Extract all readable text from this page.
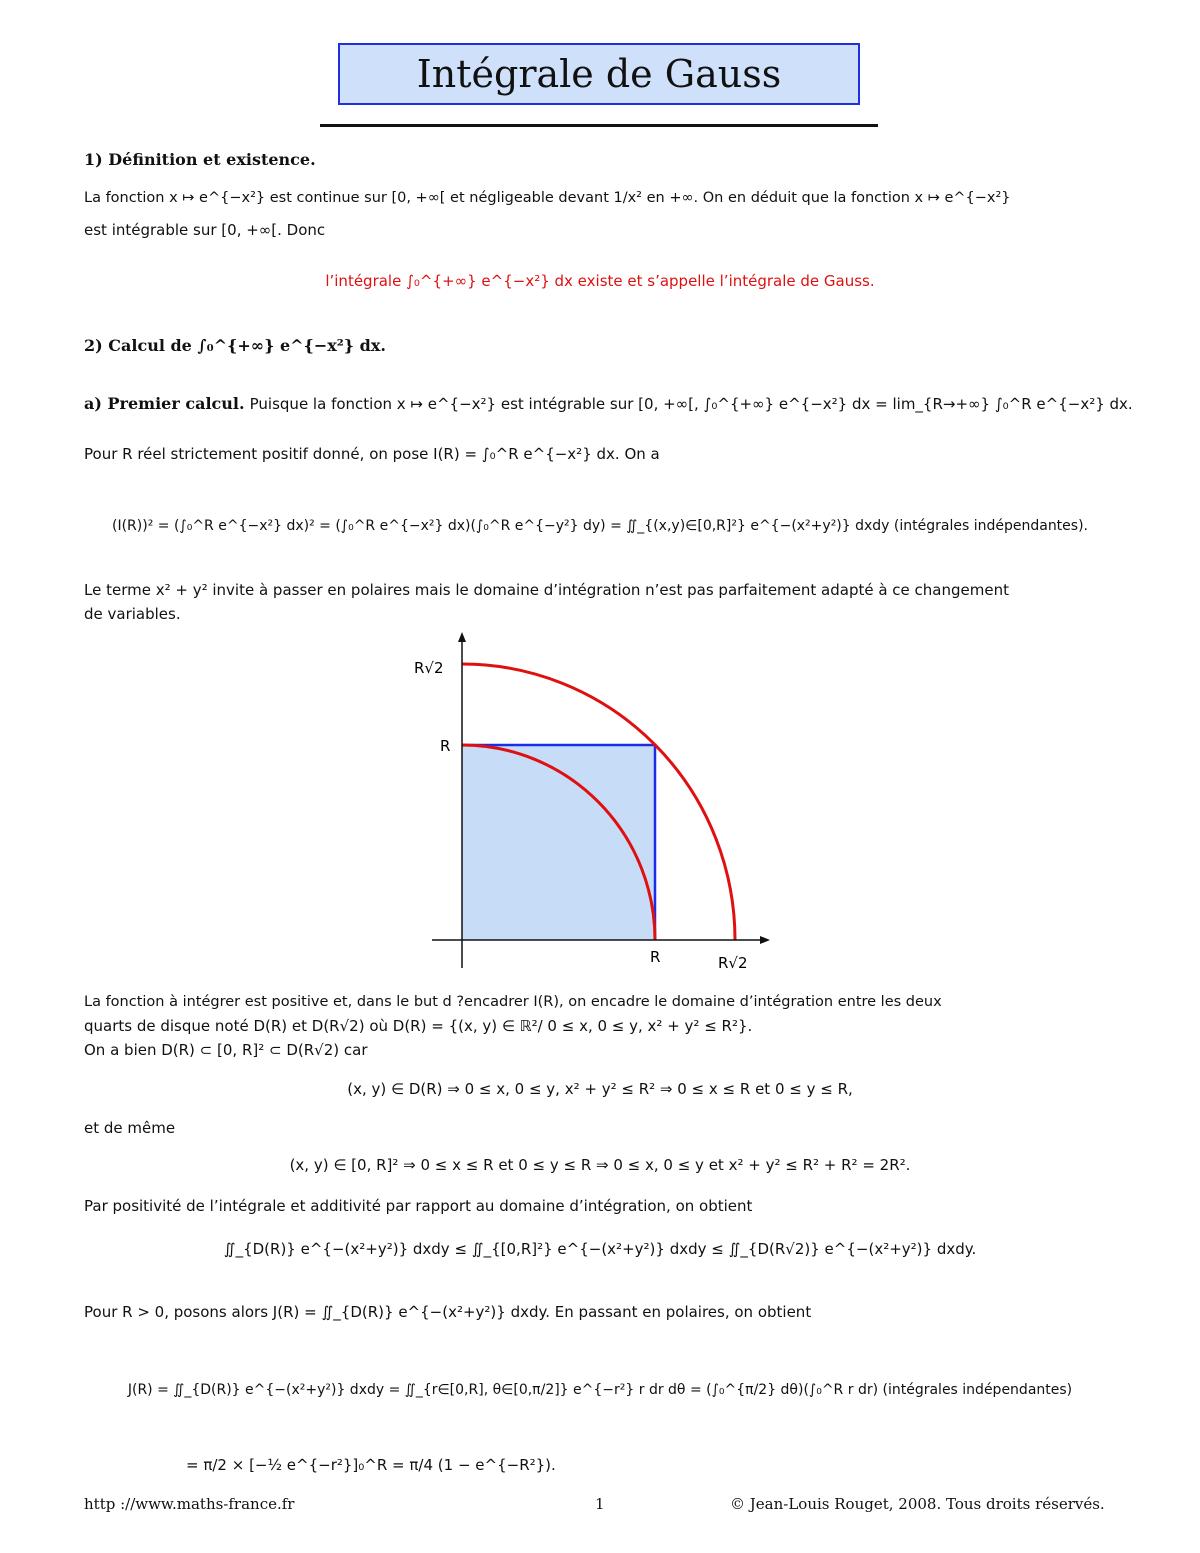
Intégrale de Gauss
1) Définition et existence.
La fonction x ↦ e^{−x²} est continue sur [0, +∞[ et négligeable devant 1/x² en +∞. On en déduit que la fonction x ↦ e^{−x²}
est intégrable sur [0, +∞[. Donc
l’intégrale ∫₀^{+∞} e^{−x²} dx existe et s’appelle l’intégrale de Gauss.
2) Calcul de ∫₀^{+∞} e^{−x²} dx.
a) Premier calcul. Puisque la fonction x ↦ e^{−x²} est intégrable sur [0, +∞[, ∫₀^{+∞} e^{−x²} dx = lim_{R→+∞} ∫₀^R e^{−x²} dx.
Pour R réel strictement positif donné, on pose I(R) = ∫₀^R e^{−x²} dx. On a
(I(R))² = (∫₀^R e^{−x²} dx)² = (∫₀^R e^{−x²} dx)(∫₀^R e^{−y²} dy) = ∬_{(x,y)∈[0,R]²} e^{−(x²+y²)} dxdy (intégrales indépendantes).
Le terme x² + y² invite à passer en polaires mais le domaine d’intégration n’est pas parfaitement adapté à ce changement
de variables.
R√2
R
R	R√2
La fonction à intégrer est positive et, dans le but d ?encadrer I(R), on encadre le domaine d’intégration entre les deux
quarts de disque noté D(R) et D(R√2) où D(R) = {(x, y) ∈ ℝ²/ 0 ≤ x, 0 ≤ y, x² + y² ≤ R²}.
On a bien D(R) ⊂ [0, R]² ⊂ D(R√2) car
(x, y) ∈ D(R) ⇒ 0 ≤ x, 0 ≤ y, x² + y² ≤ R² ⇒ 0 ≤ x ≤ R et 0 ≤ y ≤ R,
et de même
(x, y) ∈ [0, R]² ⇒ 0 ≤ x ≤ R et 0 ≤ y ≤ R ⇒ 0 ≤ x, 0 ≤ y et x² + y² ≤ R² + R² = 2R².
Par positivité de l’intégrale et additivité par rapport au domaine d’intégration, on obtient
∬_{D(R)} e^{−(x²+y²)} dxdy ≤ ∬_{[0,R]²} e^{−(x²+y²)} dxdy ≤ ∬_{D(R√2)} e^{−(x²+y²)} dxdy.
Pour R > 0, posons alors J(R) = ∬_{D(R)} e^{−(x²+y²)} dxdy. En passant en polaires, on obtient
J(R) = ∬_{D(R)} e^{−(x²+y²)} dxdy = ∬_{r∈[0,R], θ∈[0,π/2]} e^{−r²} r dr dθ = (∫₀^{π/2} dθ)(∫₀^R r dr) (intégrales indépendantes)
= π/2 × [−½ e^{−r²}]₀^R = π/4 (1 − e^{−R²}).
http ://www.maths-france.fr	1	© Jean-Louis Rouget, 2008. Tous droits réservés.
